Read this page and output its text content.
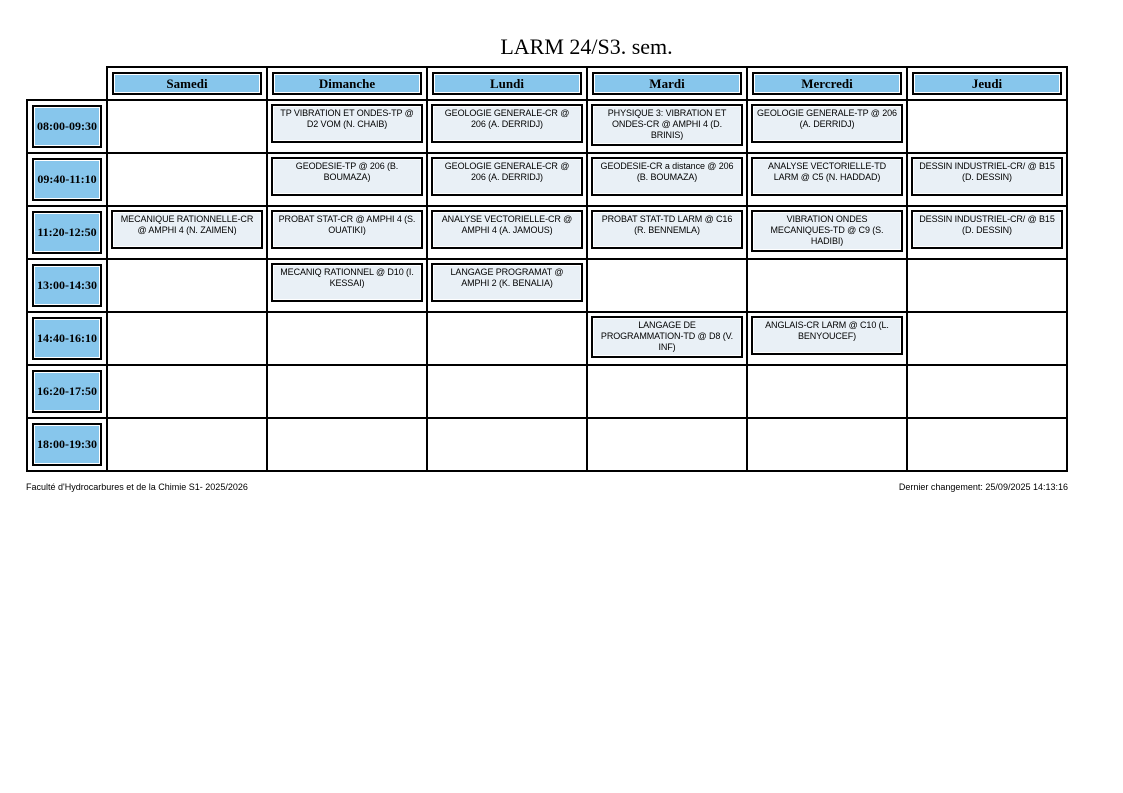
LARM 24/S3. sem.

	Samedi	Dimanche	Lundi	Mardi	Mercredi	Jeudi

08:00-09:30		TP VIBRATION ET ONDES-TP @ D2 VOM (N. CHAIB)	GEOLOGIE GENERALE-CR @ 206 (A. DERRIDJ)	PHYSIQUE 3: VIBRATION ET ONDES-CR @ AMPHI 4 (D. BRINIS)	GEOLOGIE GENERALE-TP @ 206 (A. DERRIDJ)	

09:40-11:10		GEODESIE-TP @ 206 (B. BOUMAZA)	GEOLOGIE GENERALE-CR @ 206 (A. DERRIDJ)	GEODESIE-CR a distance @ 206 (B. BOUMAZA)	ANALYSE VECTORIELLE-TD LARM @ C5 (N. HADDAD)	DESSIN INDUSTRIEL-CR/ @ B15 (D. DESSIN)

11:20-12:50	MECANIQUE RATIONNELLE-CR @ AMPHI 4 (N. ZAIMEN)	PROBAT STAT-CR @ AMPHI 4 (S. OUATIKI)	ANALYSE VECTORIELLE-CR @ AMPHI 4 (A. JAMOUS)	PROBAT STAT-TD LARM @ C16 (R. BENNEMLA)	VIBRATION ONDES MECANIQUES-TD @ C9 (S. HADIBI)	DESSIN INDUSTRIEL-CR/ @ B15 (D. DESSIN)

13:00-14:30		MECANIQ RATIONNEL @ D10 (I. KESSAI)	LANGAGE PROGRAMAT @ AMPHI 2 (K. BENALIA)			

14:40-16:10				LANGAGE DE PROGRAMMATION-TD @ D8 (V. INF)	ANGLAIS-CR LARM @ C10 (L. BENYOUCEF)	

16:20-17:50						

18:00-19:30						

Faculté d'Hydrocarbures et de la Chimie S1- 2025/2026	Dernier changement: 25/09/2025 14:13:16
